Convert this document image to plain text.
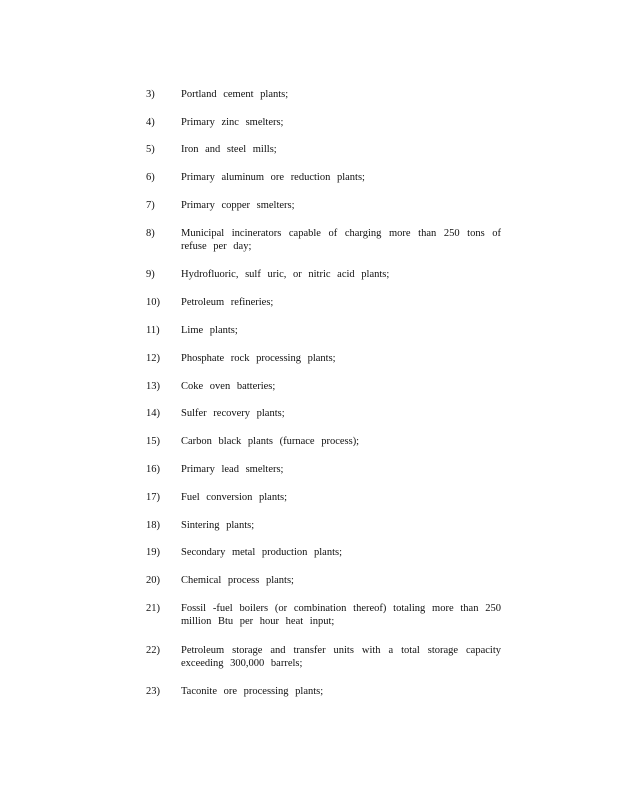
3)	Portland cement plants;
4)	Primary zinc smelters;
5)	Iron and steel mills;
6)	Primary aluminum ore reduction plants;
7)	Primary copper smelters;
8)	Municipal incinerators capable of charging more than 250 tons of refuse per day;
9)	Hydrofluoric, sulf uric, or nitric acid plants;
10)	Petroleum refineries;
11)	Lime plants;
12)	Phosphate rock processing plants;
13)	Coke oven batteries;
14)	Sulfer recovery plants;
15)	Carbon black plants (furnace process);
16)	Primary lead smelters;
17)	Fuel conversion plants;
18)	Sintering plants;
19)	Secondary metal production plants;
20)	Chemical process plants;
21)	Fossil -fuel boilers (or combination thereof) totaling more than 250 million Btu per hour heat input;
22)	Petroleum storage and transfer units with a total storage capacity exceeding 300,000 barrels;
23)	Taconite ore processing plants;
